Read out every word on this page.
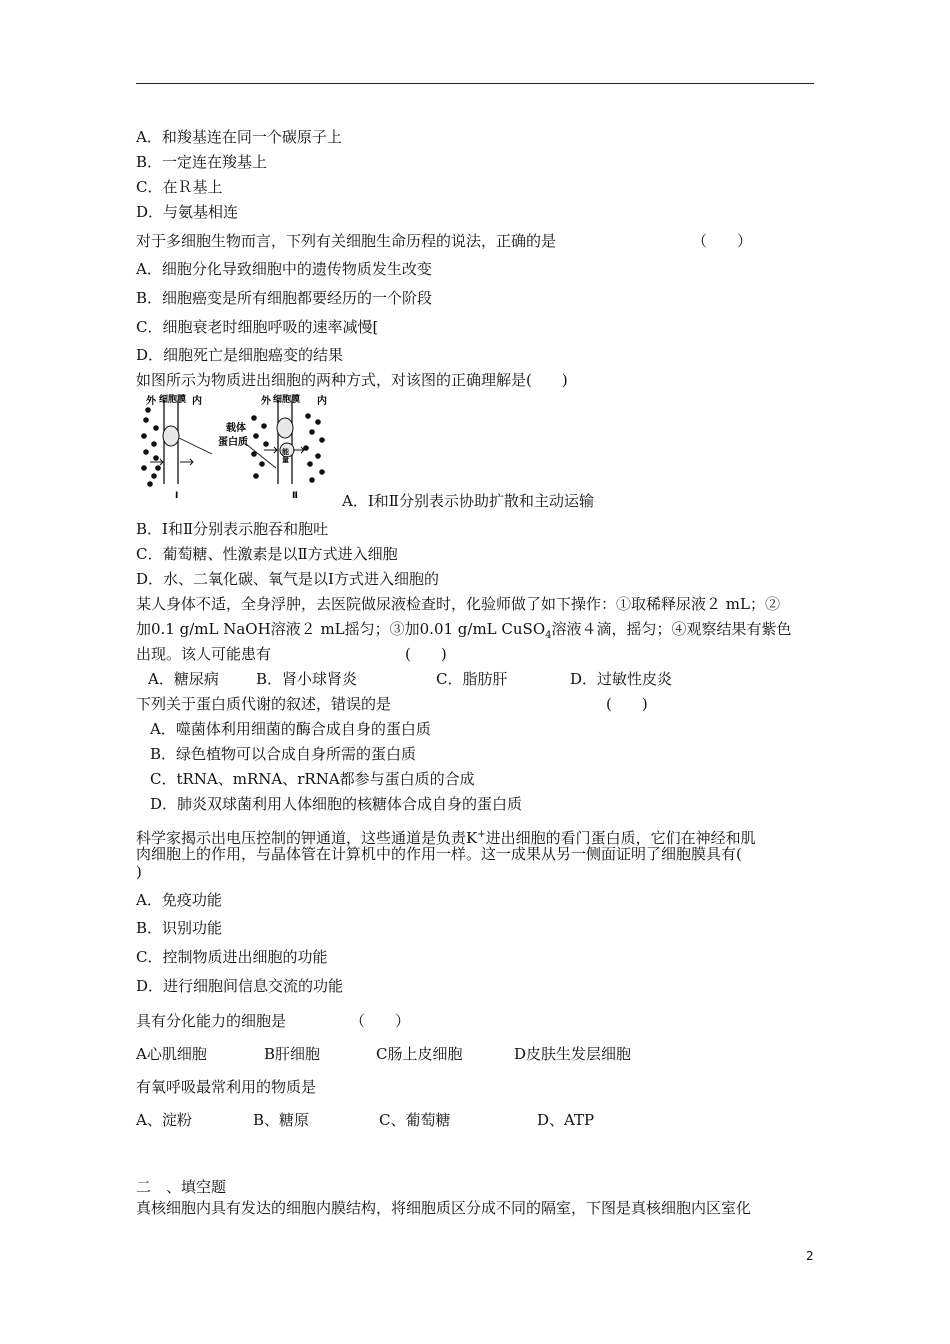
A．和羧基连在同一个碳原子上
B．一定连在羧基上
C．在Ｒ基上
D．与氨基相连
对于多细胞生物而言，下列有关细胞生命历程的说法，正确的是	（　　）
A．细胞分化导致细胞中的遗传物质发生改变
B．细胞癌变是所有细胞都要经历的一个阶段
C．细胞衰老时细胞呼吸的速率减慢[
D．细胞死亡是细胞癌变的结果
如图所示为物质进出细胞的两种方式，对该图的正确理解是(　　)
外 细胞膜 内	外 细胞膜 内
载体
蛋白质
能
量
Ⅰ	Ⅱ	A．Ⅰ和Ⅱ分别表示协助扩散和主动运输
B．Ⅰ和Ⅱ分别表示胞吞和胞吐
C．葡萄糖、性激素是以Ⅱ方式进入细胞
D．水、二氧化碳、氧气是以Ⅰ方式进入细胞的
某人身体不适，全身浮肿，去医院做尿液检查时，化验师做了如下操作：①取稀释尿液２ mL；②
加0.1 g/mL NaOH溶液２ mL摇匀；③加0.01 g/mL CuSO$_4$溶液４滴，摇匀；④观察结果有紫色
出现。该人可能患有	(　　)
A．糖尿病 B．肾小球肾炎	C．脂肪肝	D．过敏性皮炎
下列关于蛋白质代谢的叙述，错误的是	(　　)
A．噬菌体利用细菌的酶合成自身的蛋白质
B．绿色植物可以合成自身所需的蛋白质
C．tRNA、mRNA、rRNA都参与蛋白质的合成
D．肺炎双球菌利用人体细胞的核糖体合成自身的蛋白质
科学家揭示出电压控制的钾通道，这些通道是负责K+进出细胞的看门蛋白质，它们在神经和肌
肉细胞上的作用，与晶体管在计算机中的作用一样。这一成果从另一侧面证明了细胞膜具有(
)
A．免疫功能
B．识别功能
C．控制物质进出细胞的功能
D．进行细胞间信息交流的功能
具有分化能力的细胞是	（　　）
A心肌细胞	B肝细胞	C肠上皮细胞	D皮肤生发层细胞
有氧呼吸最常利用的物质是
A、淀粉	B、糖原	C、葡萄糖	D、ATP
二　、填空题
真核细胞内具有发达的细胞内膜结构，将细胞质区分成不同的隔室，下图是真核细胞内区室化
2
